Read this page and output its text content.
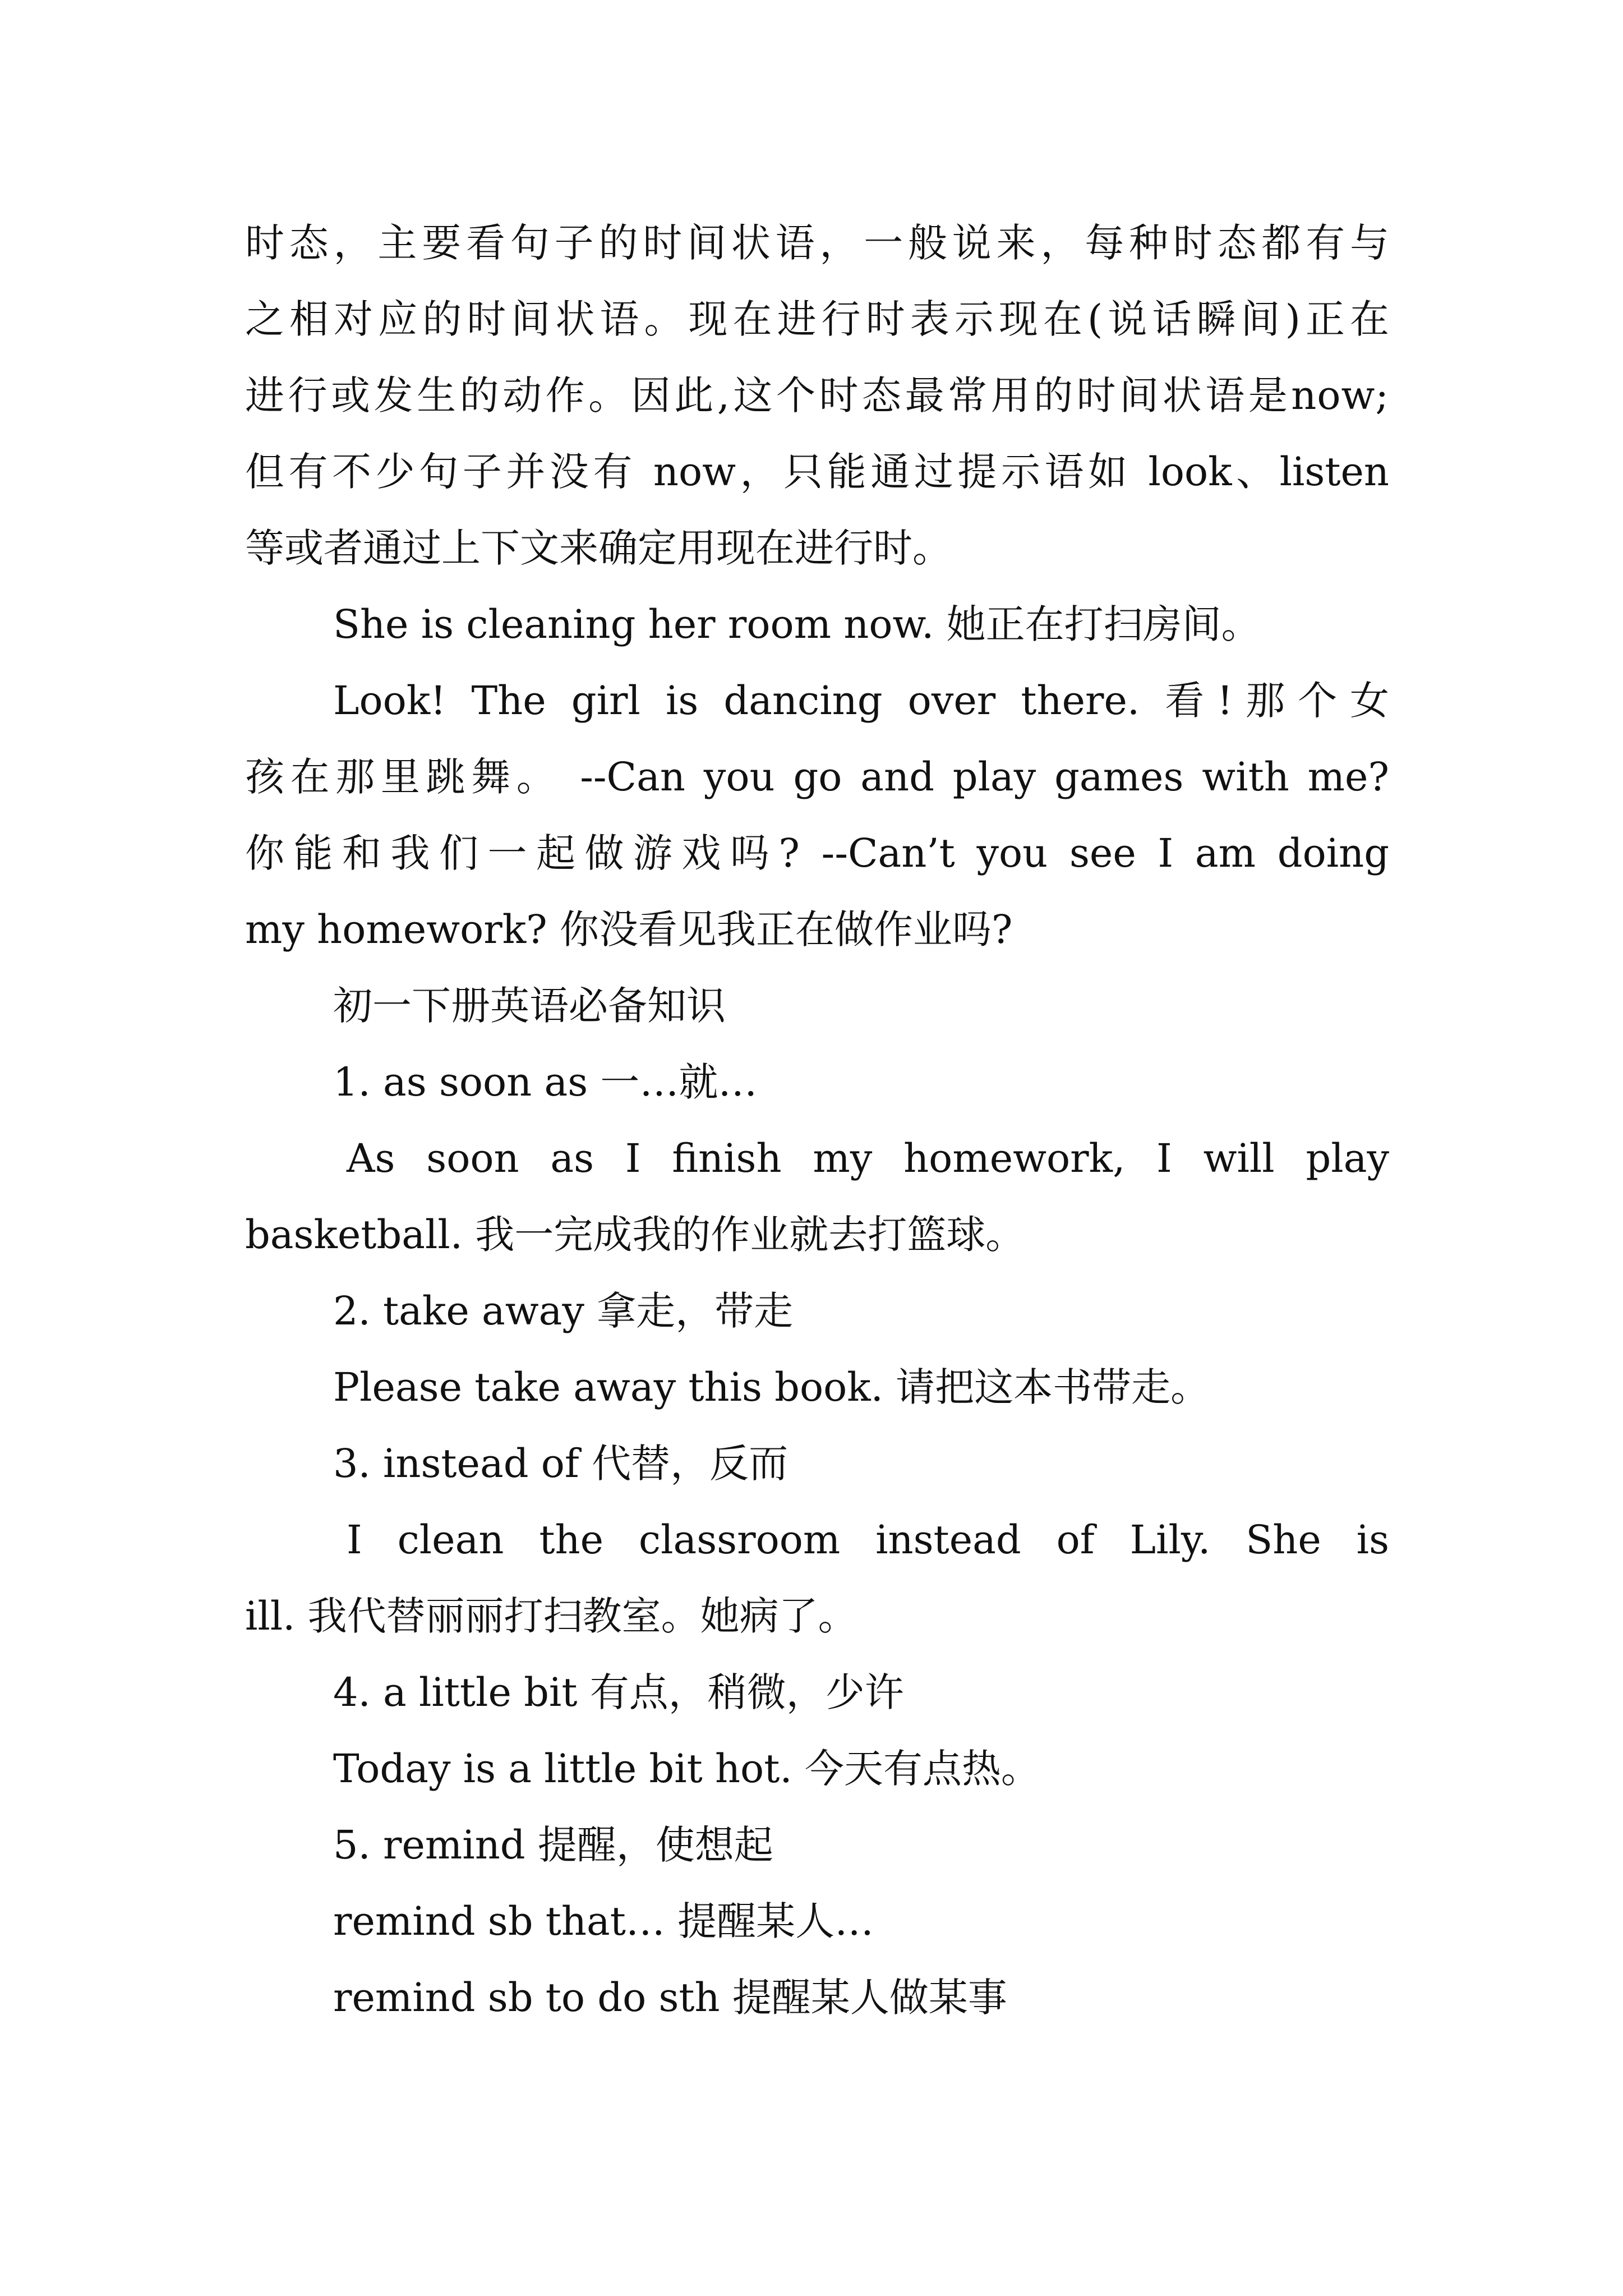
时态，主要看句子的时间状语，一般说来，每种时态都有与

之相对应的时间状语。现在进行时表示现在(说话瞬间)正在

进行或发生的动作。因此,这个时态最常用的时间状语是now;

但有不少句子并没有 now，只能通过提示语如 look、listen

等或者通过上下文来确定用现在进行时。

She is cleaning her room now. 她正在打扫房间。

Look! The girl is dancing over there. 看!那个女

孩在那里跳舞。 --Can you go and play games with me?

你能和我们一起做游戏吗? --Can’t you see I am doing

my homework? 你没看见我正在做作业吗?

初一下册英语必备知识

1. as soon as 一…就…

As soon as I finish my homework, I will play

basketball. 我一完成我的作业就去打篮球。

2. take away 拿走，带走

Please take away this book. 请把这本书带走。

3. instead of 代替，反而

I clean the classroom instead of Lily. She is

ill. 我代替丽丽打扫教室。她病了。

4. a little bit 有点，稍微，少许

Today is a little bit hot. 今天有点热。

5. remind 提醒，使想起

remind sb that… 提醒某人…

remind sb to do sth 提醒某人做某事
